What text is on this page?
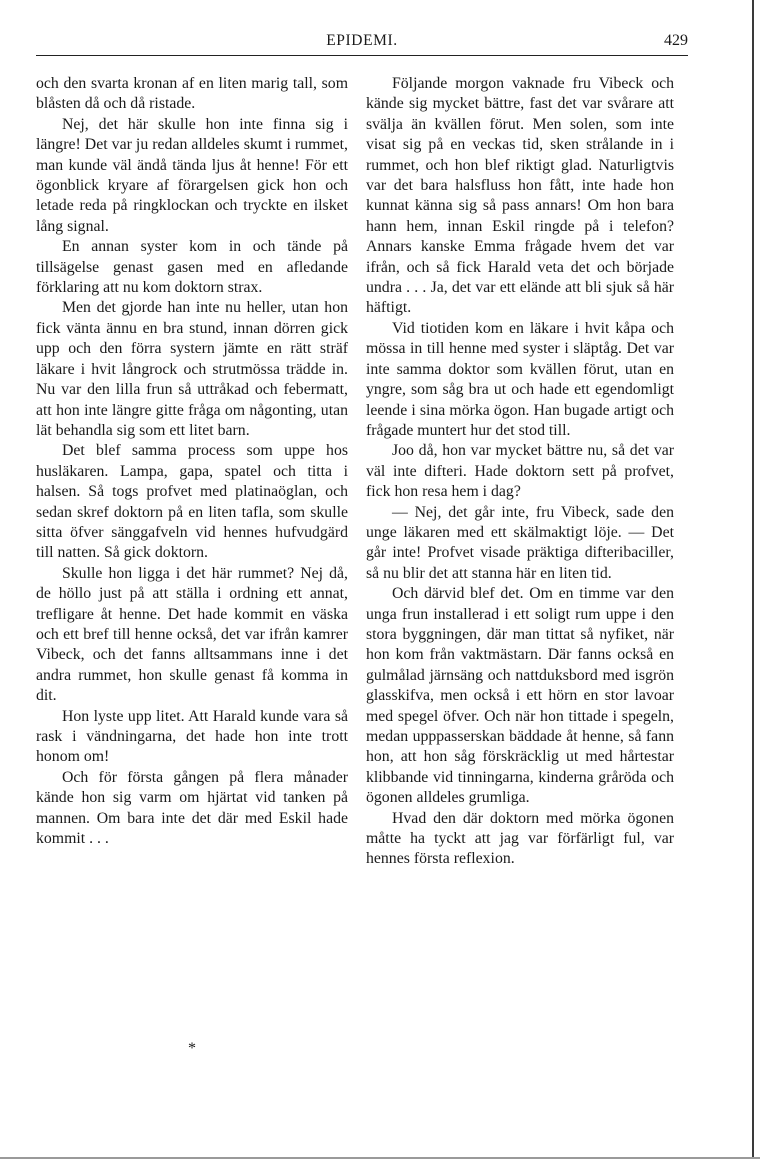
EPIDEMI.	429

och den svarta kronan af en liten marig tall, som blåsten då och då ristade.

Nej, det här skulle hon inte finna sig i längre! Det var ju redan alldeles skumt i rummet, man kunde väl ändå tända ljus åt henne! För ett ögonblick kryare af förargelsen gick hon och letade reda på ringklockan och tryckte en ilsket lång signal.

En annan syster kom in och tände på tillsägelse genast gasen med en afledande förklaring att nu kom doktorn strax.

Men det gjorde han inte nu heller, utan hon fick vänta ännu en bra stund, innan dörren gick upp och den förra systern jämte en rätt sträf läkare i hvit långrock och strutmössa trädde in. Nu var den lilla frun så uttråkad och febermatt, att hon inte längre gitte fråga om någonting, utan lät behandla sig som ett litet barn.

Det blef samma process som uppe hos husläkaren. Lampa, gapa, spatel och titta i halsen. Så togs profvet med platinaöglan, och sedan skref doktorn på en liten tafla, som skulle sitta öfver sänggafveln vid hennes hufvudgärd till natten. Så gick doktorn.

Skulle hon ligga i det här rummet? Nej då, de höllo just på att ställa i ordning ett annat, trefligare åt henne. Det hade kommit en väska och ett bref till henne också, det var ifrån kamrer Vibeck, och det fanns alltsammans inne i det andra rummet, hon skulle genast få komma in dit.

Hon lyste upp litet. Att Harald kunde vara så rask i vändningarna, det hade hon inte trott honom om!

Och för första gången på flera månader kände hon sig varm om hjärtat vid tanken på mannen. Om bara inte det där med Eskil hade kommit . . .

*

Följande morgon vaknade fru Vibeck och kände sig mycket bättre, fast det var svårare att svälja än kvällen förut. Men solen, som inte visat sig på en veckas tid, sken strålande in i rummet, och hon blef riktigt glad. Naturligtvis var det bara halsfluss hon fått, inte hade hon kunnat känna sig så pass annars! Om hon bara hann hem, innan Eskil ringde på i telefon? Annars kanske Emma frågade hvem det var ifrån, och så fick Harald veta det och började undra . . . Ja, det var ett elände att bli sjuk så här häftigt.

Vid tiotiden kom en läkare i hvit kåpa och mössa in till henne med syster i släptåg. Det var inte samma doktor som kvällen förut, utan en yngre, som såg bra ut och hade ett egendomligt leende i sina mörka ögon. Han bugade artigt och frågade muntert hur det stod till.

Joo då, hon var mycket bättre nu, så det var väl inte difteri. Hade doktorn sett på profvet, fick hon resa hem i dag?

— Nej, det går inte, fru Vibeck, sade den unge läkaren med ett skälmaktigt löje. — Det går inte! Profvet visade präktiga difteribaciller, så nu blir det att stanna här en liten tid.

Och därvid blef det. Om en timme var den unga frun installerad i ett soligt rum uppe i den stora byggningen, där man tittat så nyfiket, när hon kom från vaktmästarn. Där fanns också en gulmålad järnsäng och nattduksbord med isgrön glasskifva, men också i ett hörn en stor lavoar med spegel öfver. Och när hon tittade i spegeln, medan upppasserskan bäddade åt henne, så fann hon, att hon såg förskräcklig ut med hårtestar klibbande vid tinningarna, kinderna gråröda och ögonen alldeles grumliga.

Hvad den där doktorn med mörka ögonen måtte ha tyckt att jag var förfärligt ful, var hennes första reflexion.
